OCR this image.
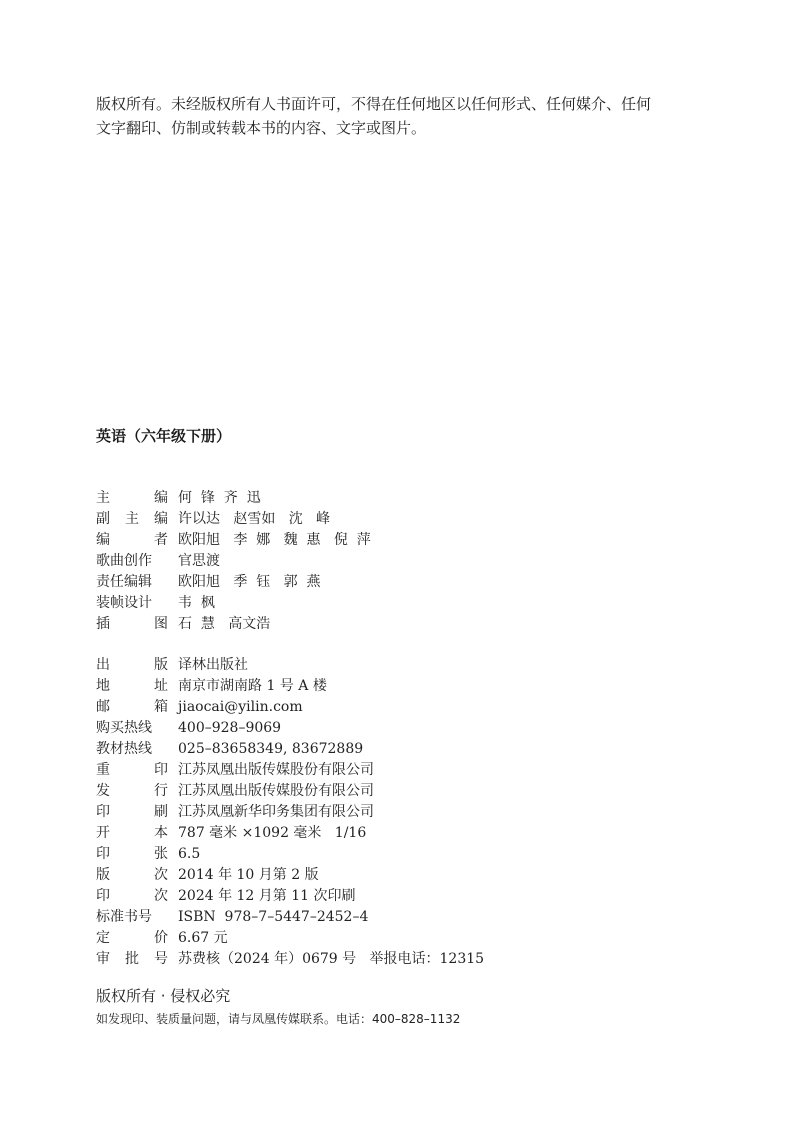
版权所有。未经版权所有人书面许可，不得在任何地区以任何形式、任何媒介、任何
文字翻印、仿制或转载本书的内容、文字或图片。
英语（六年级下册）
主	编 何  锋  齐  迅
副 主 编 许以达   赵雪如   沈   峰
编	者 欧阳旭   李  娜   魏  惠   倪  萍
歌曲创作	官思渡
责任编辑	欧阳旭   季  钰   郭  燕
装帧设计	韦  枫
插	图 石  慧   高文浩
出	版 译林出版社
地	址 南京市湖南路 1 号 A 楼
邮	箱 jiaocai@yilin.com
购买热线	400–928–9069
教材热线	025–83658349, 83672889
重	印 江苏凤凰出版传媒股份有限公司
发	行 江苏凤凰出版传媒股份有限公司
印	刷 江苏凤凰新华印务集团有限公司
开	本 787 毫米 ×1092 毫米   1/16
印	张 6.5
版	次 2014 年 10 月第 2 版
印	次 2024 年 12 月第 11 次印刷
标准书号	ISBN  978–7–5447–2452–4
定	价 6.67 元
审 批 号 苏费核（2024 年）0679 号   举报电话：12315
版权所有 · 侵权必究
如发现印、装质量问题，请与凤凰传媒联系。电话：400–828–1132
